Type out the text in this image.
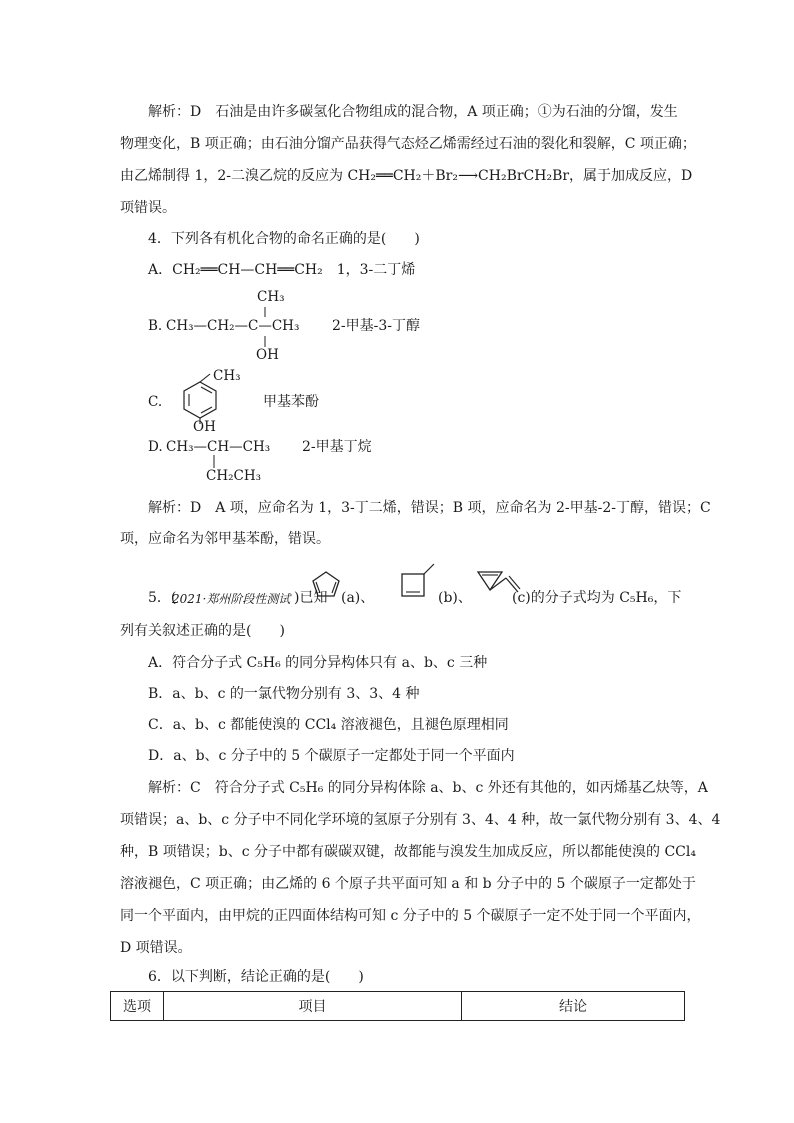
解析：D　石油是由许多碳氢化合物组成的混合物，A 项正确；①为石油的分馏，发生
物理变化，B 项正确；由石油分馏产品获得气态烃乙烯需经过石油的裂化和裂解，C 项正确；
由乙烯制得 1，2-二溴乙烷的反应为 CH₂══CH₂＋Br₂⟶CH₂BrCH₂Br，属于加成反应，D
项错误。
4．下列各有机化合物的命名正确的是(　　)
A．CH₂══CH—CH══CH₂　1，3-二丁烯
B.
CH₃
CH₃—CH₂—C—CH₃
OH
2-甲基-3-丁醇
C.
CH₃
OH
甲基苯酚
D. CH₃—CH—CH₃
CH₂CH₃
2-甲基丁烷
解析：D　A 项，应命名为 1，3-丁二烯，错误；B 项，应命名为 2-甲基-2-丁醇，错误；C
项，应命名为邻甲基苯酚，错误。
5．(
2021·郑州阶段性测试 )已知 (a)、	(b)、	(c)的分子式均为 C₅H₆，下
列有关叙述正确的是(　　)
A．符合分子式 C₅H₆ 的同分异构体只有 a、b、c 三种
B．a、b、c 的一氯代物分别有 3、3、4 种
C．a、b、c 都能使溴的 CCl₄ 溶液褪色，且褪色原理相同
D．a、b、c 分子中的 5 个碳原子一定都处于同一个平面内
解析：C　符合分子式 C₅H₆ 的同分异构体除 a、b、c 外还有其他的，如丙烯基乙炔等，A
项错误；a、b、c 分子中不同化学环境的氢原子分别有 3、4、4 种，故一氯代物分别有 3、4、4
种，B 项错误；b、c 分子中都有碳碳双键，故都能与溴发生加成反应，所以都能使溴的 CCl₄
溶液褪色，C 项正确；由乙烯的 6 个原子共平面可知 a 和 b 分子中的 5 个碳原子一定都处于
同一个平面内，由甲烷的正四面体结构可知 c 分子中的 5 个碳原子一定不处于同一个平面内，
D 项错误。
6．以下判断，结论正确的是(　　)
选项	项目	结论
